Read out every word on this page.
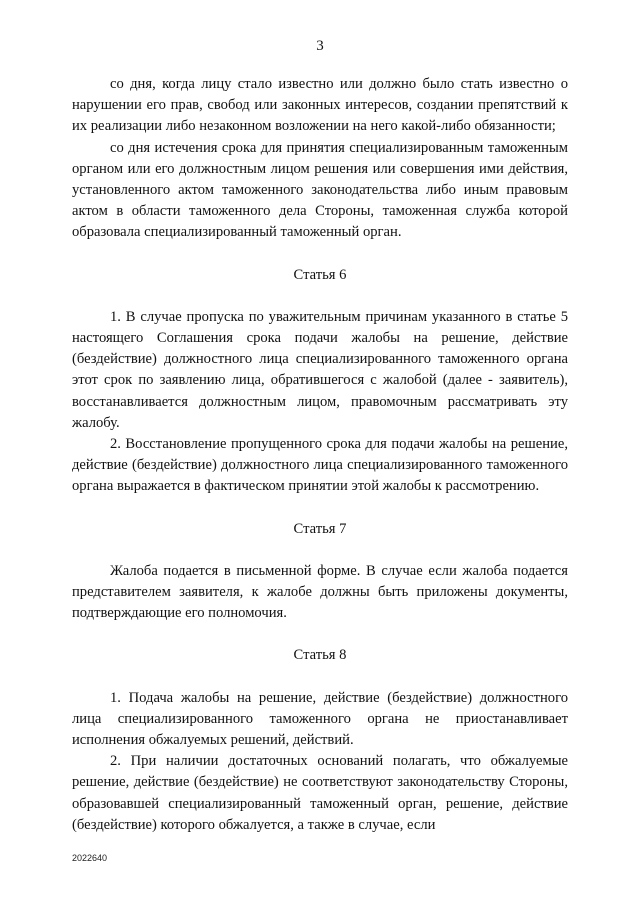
3

со дня, когда лицу стало известно или должно было стать известно о нарушении его прав, свобод или законных интересов, создании препятствий к их реализации либо незаконном возложении на него какой-либо обязанности;

со дня истечения срока для принятия специализированным таможенным органом или его должностным лицом решения или совершения ими действия, установленного актом таможенного законодательства либо иным правовым актом в области таможенного дела Стороны, таможенная служба которой образовала специализированный таможенный орган.

Статья 6

1. В случае пропуска по уважительным причинам указанного в статье 5 настоящего Соглашения срока подачи жалобы на решение, действие (бездействие) должностного лица специализированного таможенного органа этот срок по заявлению лица, обратившегося с жалобой (далее - заявитель), восстанавливается должностным лицом, правомочным рассматривать эту жалобу.

2. Восстановление пропущенного срока для подачи жалобы на решение, действие (бездействие) должностного лица специализированного таможенного органа выражается в фактическом принятии этой жалобы к рассмотрению.

Статья 7

Жалоба подается в письменной форме. В случае если жалоба подается представителем заявителя, к жалобе должны быть приложены документы, подтверждающие его полномочия.

Статья 8

1. Подача жалобы на решение, действие (бездействие) должностного лица специализированного таможенного органа не приостанавливает исполнения обжалуемых решений, действий.

2. При наличии достаточных оснований полагать, что обжалуемые решение, действие (бездействие) не соответствуют законодательству Стороны, образовавшей специализированный таможенный орган, решение, действие (бездействие) которого обжалуется, а также в случае, если

2022640
